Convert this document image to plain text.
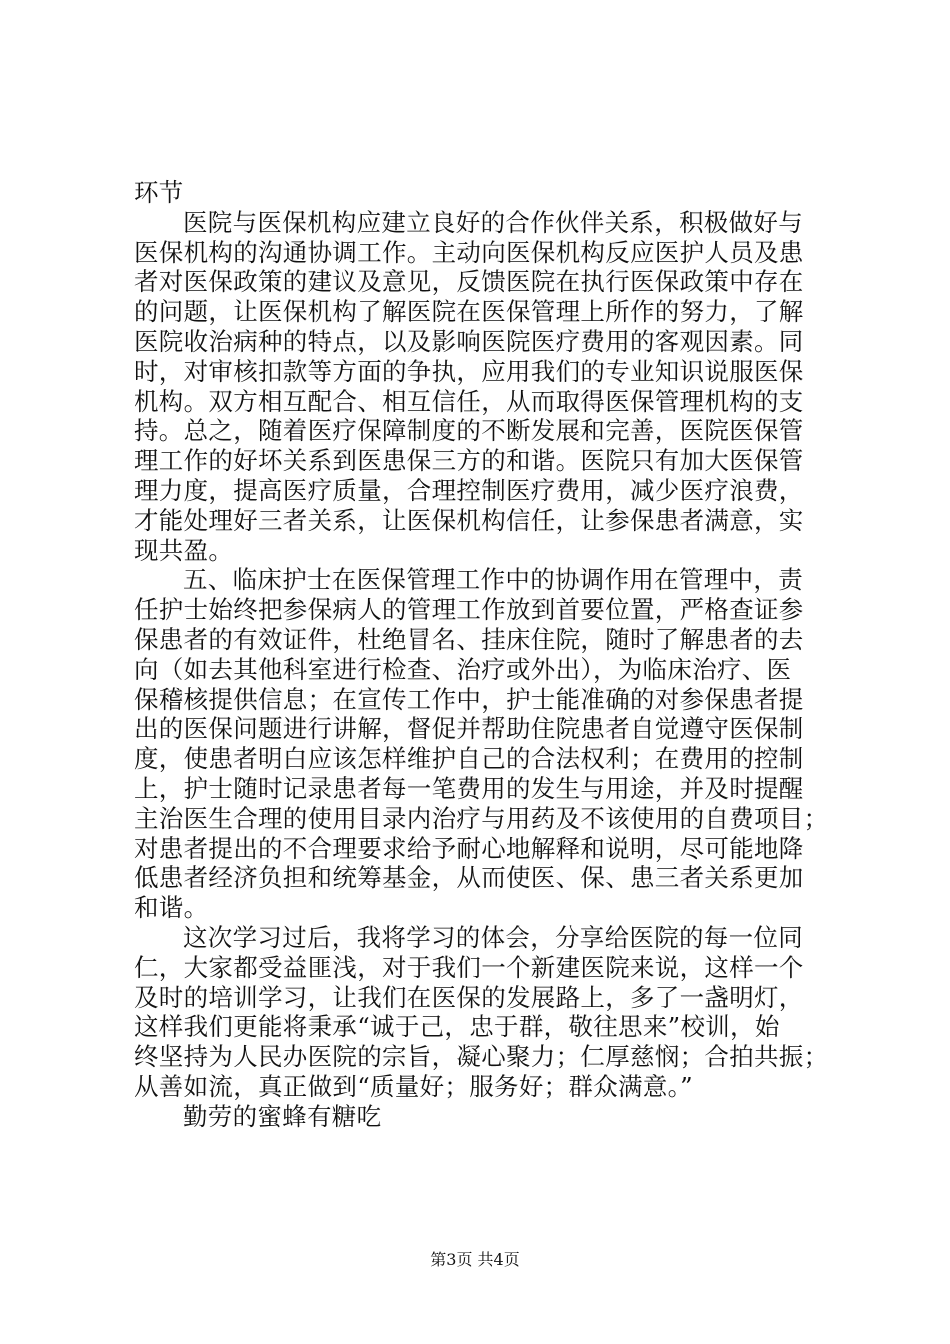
环节
医院与医保机构应建立良好的合作伙伴关系，积极做好与
医保机构的沟通协调工作。主动向医保机构反应医护人员及患
者对医保政策的建议及意见，反馈医院在执行医保政策中存在
的问题，让医保机构了解医院在医保管理上所作的努力，了解
医院收治病种的特点，以及影响医院医疗费用的客观因素。同
时，对审核扣款等方面的争执，应用我们的专业知识说服医保
机构。双方相互配合、相互信任，从而取得医保管理机构的支
持。总之，随着医疗保障制度的不断发展和完善，医院医保管
理工作的好坏关系到医患保三方的和谐。医院只有加大医保管
理力度，提高医疗质量，合理控制医疗费用，减少医疗浪费，
才能处理好三者关系，让医保机构信任，让参保患者满意，实
现共盈。
五、临床护士在医保管理工作中的协调作用在管理中，责
任护士始终把参保病人的管理工作放到首要位置，严格查证参
保患者的有效证件，杜绝冒名、挂床住院，随时了解患者的去
向（如去其他科室进行检查、治疗或外出），为临床治疗、医
保稽核提供信息；在宣传工作中，护士能准确的对参保患者提
出的医保问题进行讲解，督促并帮助住院患者自觉遵守医保制
度，使患者明白应该怎样维护自己的合法权利；在费用的控制
上，护士随时记录患者每一笔费用的发生与用途，并及时提醒
主治医生合理的使用目录内治疗与用药及不该使用的自费项目；
对患者提出的不合理要求给予耐心地解释和说明，尽可能地降
低患者经济负担和统筹基金，从而使医、保、患三者关系更加
和谐。
这次学习过后，我将学习的体会，分享给医院的每一位同
仁，大家都受益匪浅，对于我们一个新建医院来说，这样一个
及时的培训学习，让我们在医保的发展路上，多了一盏明灯，
这样我们更能将秉承“诚于己，忠于群，敬往思来”校训，始
终坚持为人民办医院的宗旨，凝心聚力；仁厚慈悯；合拍共振；
从善如流，真正做到“质量好；服务好；群众满意。”
勤劳的蜜蜂有糖吃
第3页 共4页
